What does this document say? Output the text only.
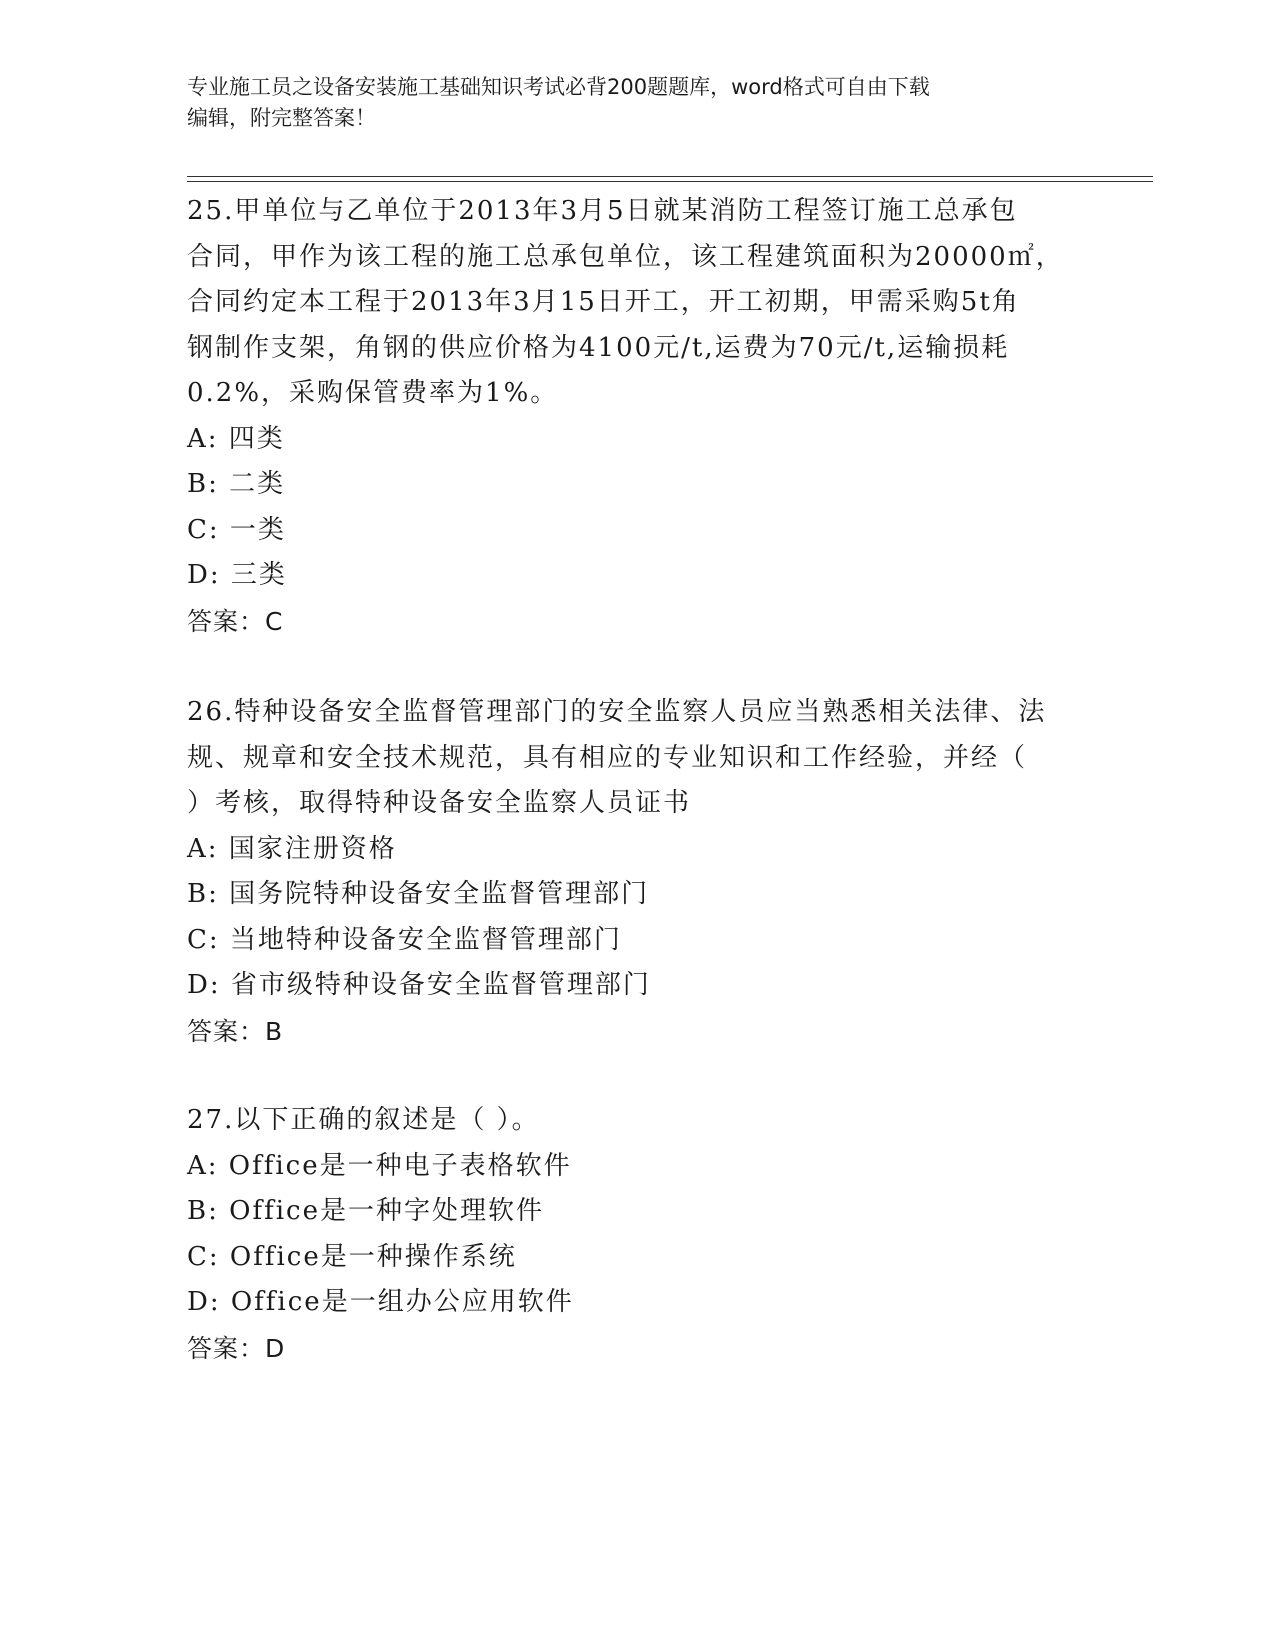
专业施工员之设备安装施工基础知识考试必背200题题库，word格式可自由下载
编辑，附完整答案！
25.甲单位与乙单位于2013年3月5日就某消防工程签订施工总承包
合同，甲作为该工程的施工总承包单位，该工程建筑面积为20000㎡，
合同约定本工程于2013年3月15日开工，开工初期，甲需采购5t角
钢制作支架，角钢的供应价格为4100元/t,运费为70元/t,运输损耗
0.2%，采购保管费率为1%。
A: 四类
B: 二类
C: 一类
D: 三类
答案：C
26.特种设备安全监督管理部门的安全监察人员应当熟悉相关法律、法
规、规章和安全技术规范，具有相应的专业知识和工作经验，并经（
）考核，取得特种设备安全监察人员证书
A: 国家注册资格
B: 国务院特种设备安全监督管理部门
C: 当地特种设备安全监督管理部门
D: 省市级特种设备安全监督管理部门
答案：B
27.以下正确的叙述是（ ）。
A: Office是一种电子表格软件
B: Office是一种字处理软件
C: Office是一种操作系统
D: Office是一组办公应用软件
答案：D
